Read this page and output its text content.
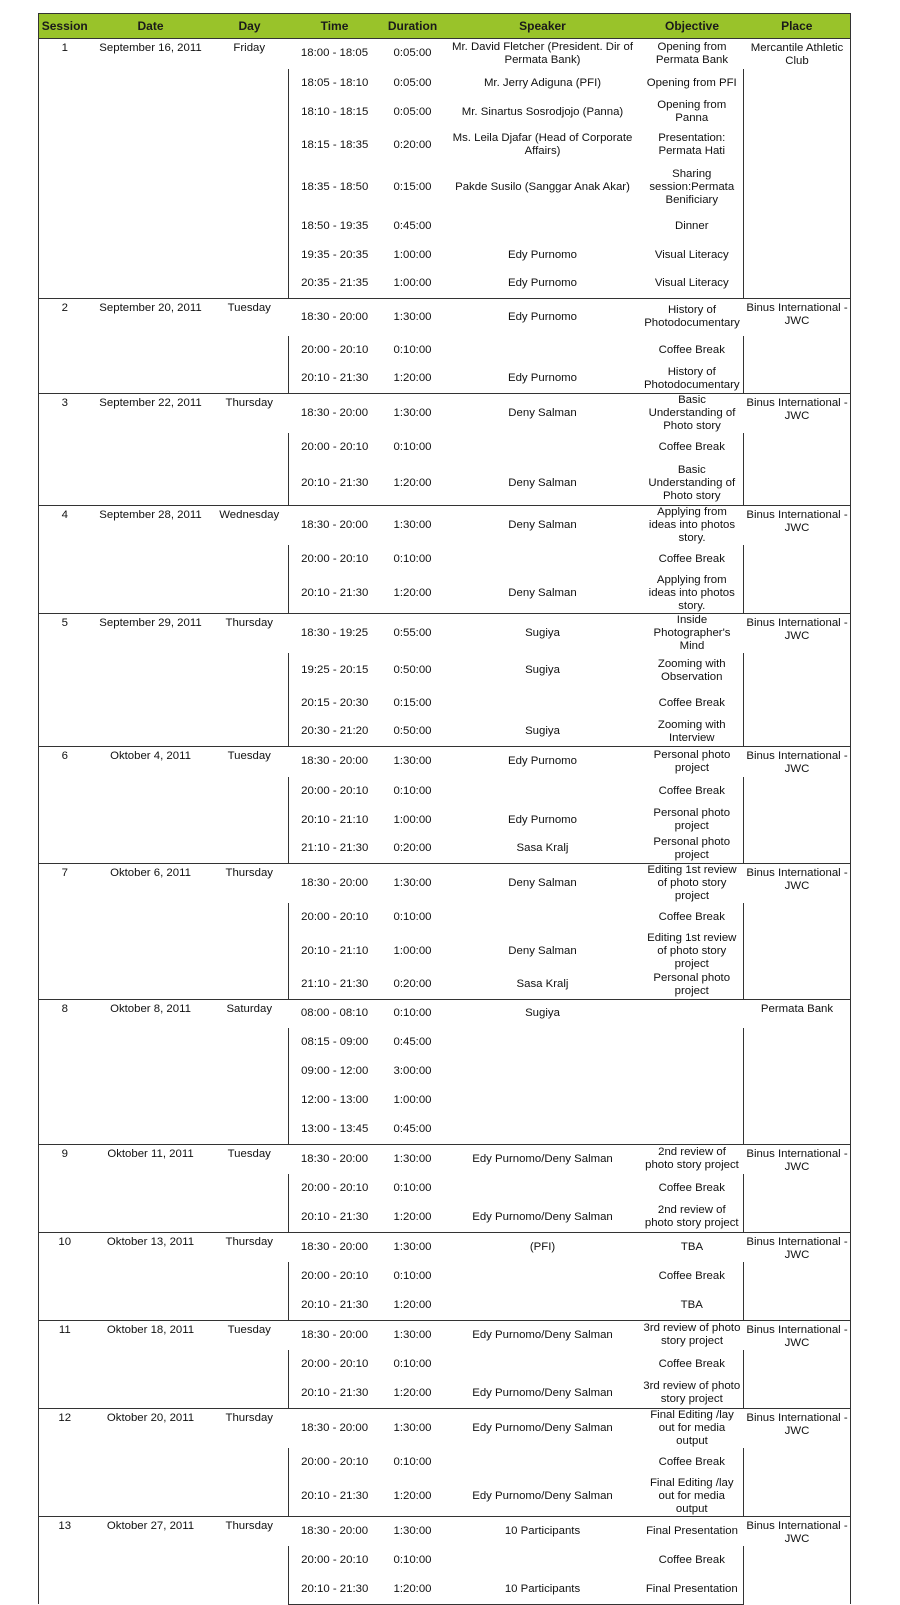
Session	Date	Day	Time	Duration	Speaker	Objective	Place
1	September 16, 2011	Friday	18:00 - 18:05	0:05:00	Mr. David Fletcher (President. Dir of Permata Bank)	Opening from Permata Bank	Mercantile Athletic Club
			18:05 - 18:10	0:05:00	Mr. Jerry Adiguna (PFI)	Opening from PFI	
			18:10 - 18:15	0:05:00	Mr. Sinartus Sosrodjojo (Panna)	Opening from Panna	
			18:15 - 18:35	0:20:00	Ms. Leila Djafar (Head of Corporate Affairs)	Presentation: Permata Hati	
			18:35 - 18:50	0:15:00	Pakde Susilo (Sanggar Anak Akar)	Sharing session:Permata Benificiary	
			18:50 - 19:35	0:45:00		Dinner	
			19:35 - 20:35	1:00:00	Edy Purnomo	Visual Literacy	
			20:35 - 21:35	1:00:00	Edy Purnomo	Visual Literacy	
2	September 20, 2011	Tuesday	18:30 - 20:00	1:30:00	Edy Purnomo	History of Photodocumentary	Binus International - JWC
			20:00 - 20:10	0:10:00		Coffee Break	
			20:10 - 21:30	1:20:00	Edy Purnomo	History of Photodocumentary	
3	September 22, 2011	Thursday	18:30 - 20:00	1:30:00	Deny Salman	Basic Understanding of Photo story	Binus International - JWC
			20:00 - 20:10	0:10:00		Coffee Break	
			20:10 - 21:30	1:20:00	Deny Salman	Basic Understanding of Photo story	
4	September 28, 2011	Wednesday	18:30 - 20:00	1:30:00	Deny Salman	Applying from ideas into photos story.	Binus International - JWC
			20:00 - 20:10	0:10:00		Coffee Break	
			20:10 - 21:30	1:20:00	Deny Salman	Applying from ideas into photos story.	
5	September 29, 2011	Thursday	18:30 - 19:25	0:55:00	Sugiya	Inside Photographer's Mind	Binus International - JWC
			19:25 - 20:15	0:50:00	Sugiya	Zooming with Observation	
			20:15 - 20:30	0:15:00		Coffee Break	
			20:30 - 21:20	0:50:00	Sugiya	Zooming with Interview	
6	Oktober 4, 2011	Tuesday	18:30 - 20:00	1:30:00	Edy Purnomo	Personal photo project	Binus International - JWC
			20:00 - 20:10	0:10:00		Coffee Break	
			20:10 - 21:10	1:00:00	Edy Purnomo	Personal photo project	
			21:10 - 21:30	0:20:00	Sasa Kralj	Personal photo project	
7	Oktober 6, 2011	Thursday	18:30 - 20:00	1:30:00	Deny Salman	Editing 1st review of photo story project	Binus International - JWC
			20:00 - 20:10	0:10:00		Coffee Break	
			20:10 - 21:10	1:00:00	Deny Salman	Editing 1st review of photo story project	
			21:10 - 21:30	0:20:00	Sasa Kralj	Personal photo project	
8	Oktober 8, 2011	Saturday	08:00 - 08:10	0:10:00	Sugiya		Permata Bank
			08:15 - 09:00	0:45:00			
			09:00 - 12:00	3:00:00			
			12:00 - 13:00	1:00:00			
			13:00 - 13:45	0:45:00			
9	Oktober 11, 2011	Tuesday	18:30 - 20:00	1:30:00	Edy Purnomo/Deny Salman	2nd review of photo story project	Binus International - JWC
			20:00 - 20:10	0:10:00		Coffee Break	
			20:10 - 21:30	1:20:00	Edy Purnomo/Deny Salman	2nd review of photo story project	
10	Oktober 13, 2011	Thursday	18:30 - 20:00	1:30:00	(PFI)	TBA	Binus International - JWC
			20:00 - 20:10	0:10:00		Coffee Break	
			20:10 - 21:30	1:20:00		TBA	
11	Oktober 18, 2011	Tuesday	18:30 - 20:00	1:30:00	Edy Purnomo/Deny Salman	3rd review of photo story project	Binus International - JWC
			20:00 - 20:10	0:10:00		Coffee Break	
			20:10 - 21:30	1:20:00	Edy Purnomo/Deny Salman	3rd review of photo story project	
12	Oktober 20, 2011	Thursday	18:30 - 20:00	1:30:00	Edy Purnomo/Deny Salman	Final Editing /lay out for media output	Binus International - JWC
			20:00 - 20:10	0:10:00		Coffee Break	
			20:10 - 21:30	1:20:00	Edy Purnomo/Deny Salman	Final Editing /lay out for media output	
13	Oktober 27, 2011	Thursday	18:30 - 20:00	1:30:00	10 Participants	Final Presentation	Binus International - JWC
			20:00 - 20:10	0:10:00		Coffee Break	
			20:10 - 21:30	1:20:00	10 Participants	Final Presentation	
